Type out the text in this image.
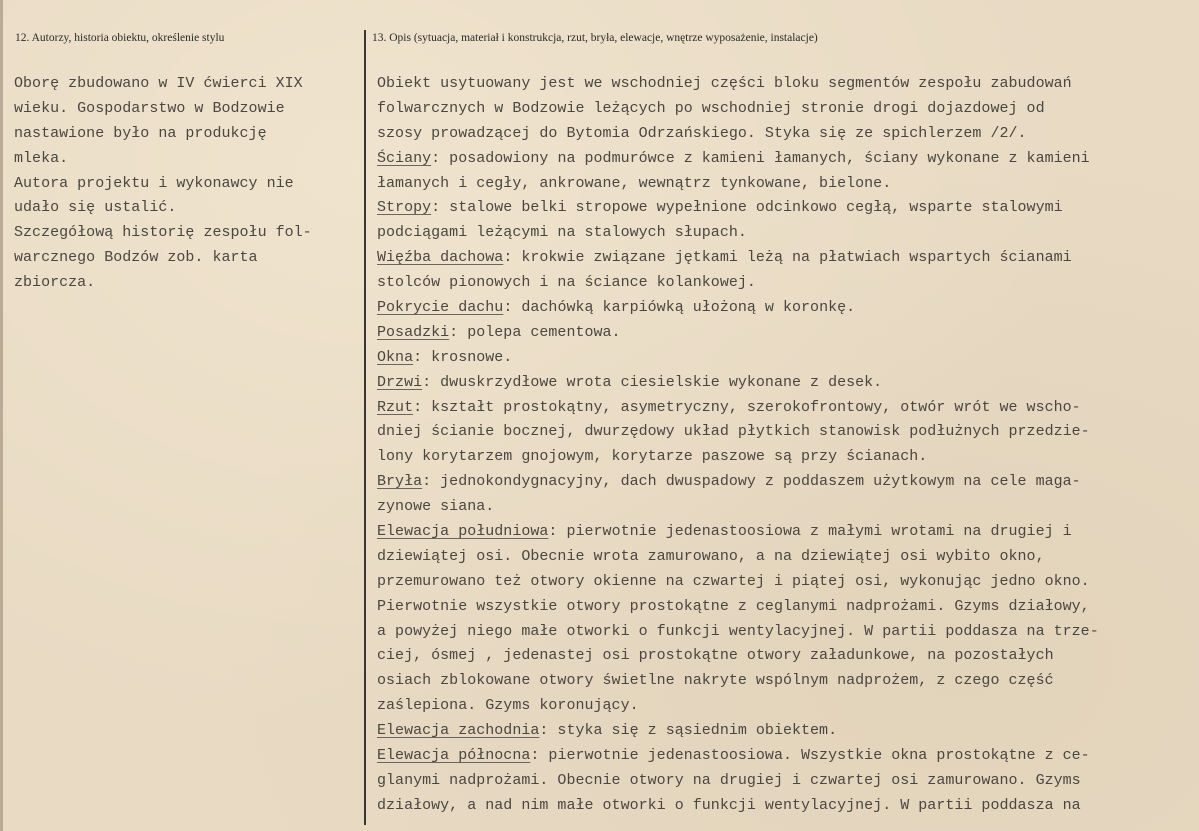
12. Autorzy, historia obiektu, określenie stylu	13. Opis (sytuacja, materiał i konstrukcja, rzut, bryła, elewacje, wnętrze wyposażenie, instalacje)
Oborę zbudowano w IV ćwierci XIX
wieku. Gospodarstwo w Bodzowie
nastawione było na produkcję
mleka.
Autora projektu i wykonawcy nie
udało się ustalić.
Szczegółową historię zespołu fol-
warcznego Bodzów zob. karta
zbiorcza.
Obiekt usytuowany jest we wschodniej części bloku segmentów zespołu zabudowań
folwarcznych w Bodzowie leżących po wschodniej stronie drogi dojazdowej od
szosy prowadzącej do Bytomia Odrzańskiego. Styka się ze spichlerzem /2/.
Ściany: posadowiony na podmurówce z kamieni łamanych, ściany wykonane z kamieni
łamanych i cegły, ankrowane, wewnątrz tynkowane, bielone.
Stropy: stalowe belki stropowe wypełnione odcinkowo cegłą, wsparte stalowymi
podciągami leżącymi na stalowych słupach.
Więźba dachowa: krokwie związane jętkami leżą na płatwiach wspartych ścianami
stolców pionowych i na ściance kolankowej.
Pokrycie dachu: dachówką karpiówką ułożoną w koronkę.
Posadzki: polepa cementowa.
Okna: krosnowe.
Drzwi: dwuskrzydłowe wrota ciesielskie wykonane z desek.
Rzut: kształt prostokątny, asymetryczny, szerokofrontowy, otwór wrót we wscho-
dniej ścianie bocznej, dwurzędowy układ płytkich stanowisk podłużnych przedzie-
lony korytarzem gnojowym, korytarze paszowe są przy ścianach.
Bryła: jednokondygnacyjny, dach dwuspadowy z poddaszem użytkowym na cele maga-
zynowe siana.
Elewacja południowa: pierwotnie jedenastoosiowa z małymi wrotami na drugiej i
dziewiątej osi. Obecnie wrota zamurowano, a na dziewiątej osi wybito okno,
przemurowano też otwory okienne na czwartej i piątej osi, wykonując jedno okno.
Pierwotnie wszystkie otwory prostokątne z ceglanymi nadprożami. Gzyms działowy,
a powyżej niego małe otworki o funkcji wentylacyjnej. W partii poddasza na trze-
ciej, ósmej , jedenastej osi prostokątne otwory załadunkowe, na pozostałych
osiach zblokowane otwory świetlne nakryte wspólnym nadprożem, z czego część
zaślepiona. Gzyms koronujący.
Elewacja zachodnia: styka się z sąsiednim obiektem.
Elewacja północna: pierwotnie jedenastoosiowa. Wszystkie okna prostokątne z ce-
glanymi nadprożami. Obecnie otwory na drugiej i czwartej osi zamurowano. Gzyms
działowy, a nad nim małe otworki o funkcji wentylacyjnej. W partii poddasza na
